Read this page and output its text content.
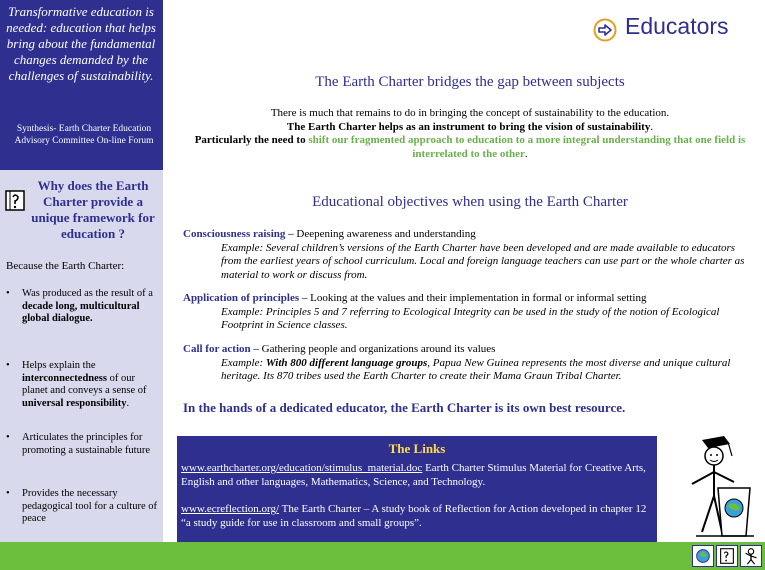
Transformative education is needed: education that helps bring about the fundamental changes demanded by the challenges of sustainability.
Synthesis- Earth Charter Education Advisory Committee On-line Forum
Why does the Earth Charter provide a unique framework for education ?
Because the Earth Charter:
• Was produced as the result of a decade long, multicultural global dialogue.
• Helps explain the interconnectedness of our planet and conveys a sense of universal responsibility.
• Articulates the principles for promoting a sustainable future
• Provides the necessary pedagogical tool for a culture of peace
Educators
The Earth Charter bridges the gap between subjects
There is much that remains to do in bringing the concept of sustainability to the education.
The Earth Charter helps as an instrument to bring the vision of sustainability.
Particularly the need to shift our fragmented approach to education to a more integral understanding that one field is interrelated to the other.
Educational objectives when using the Earth Charter
Consciousness raising – Deepening awareness and understanding
Example: Several children’s versions of the Earth Charter have been developed and are made available to educators from the earliest years of school curriculum. Local and foreign language teachers can use part or the whole charter as material to work or discuss from.
Application of principles – Looking at the values and their implementation in formal or informal setting
Example: Principles 5 and 7 referring to Ecological Integrity can be used in the study of the notion of Ecological Footprint in Science classes.
Call for action – Gathering people and organizations around its values
Example: With 800 different language groups, Papua New Guinea represents the most diverse and unique cultural heritage. Its 870 tribes used the Earth Charter to create their Mama Graun Tribal Charter.
In the hands of a dedicated educator, the Earth Charter is its own best resource.
The Links
www.earthcharter.org/education/stimulus_material.doc Earth Charter Stimulus Material for Creative Arts, English and other languages, Mathematics, Science, and Technology.
www.ecreflection.org/ The Earth Charter – A study book of Reflection for Action developed in chapter 12 “a study guide for use in classroom and small groups”.
